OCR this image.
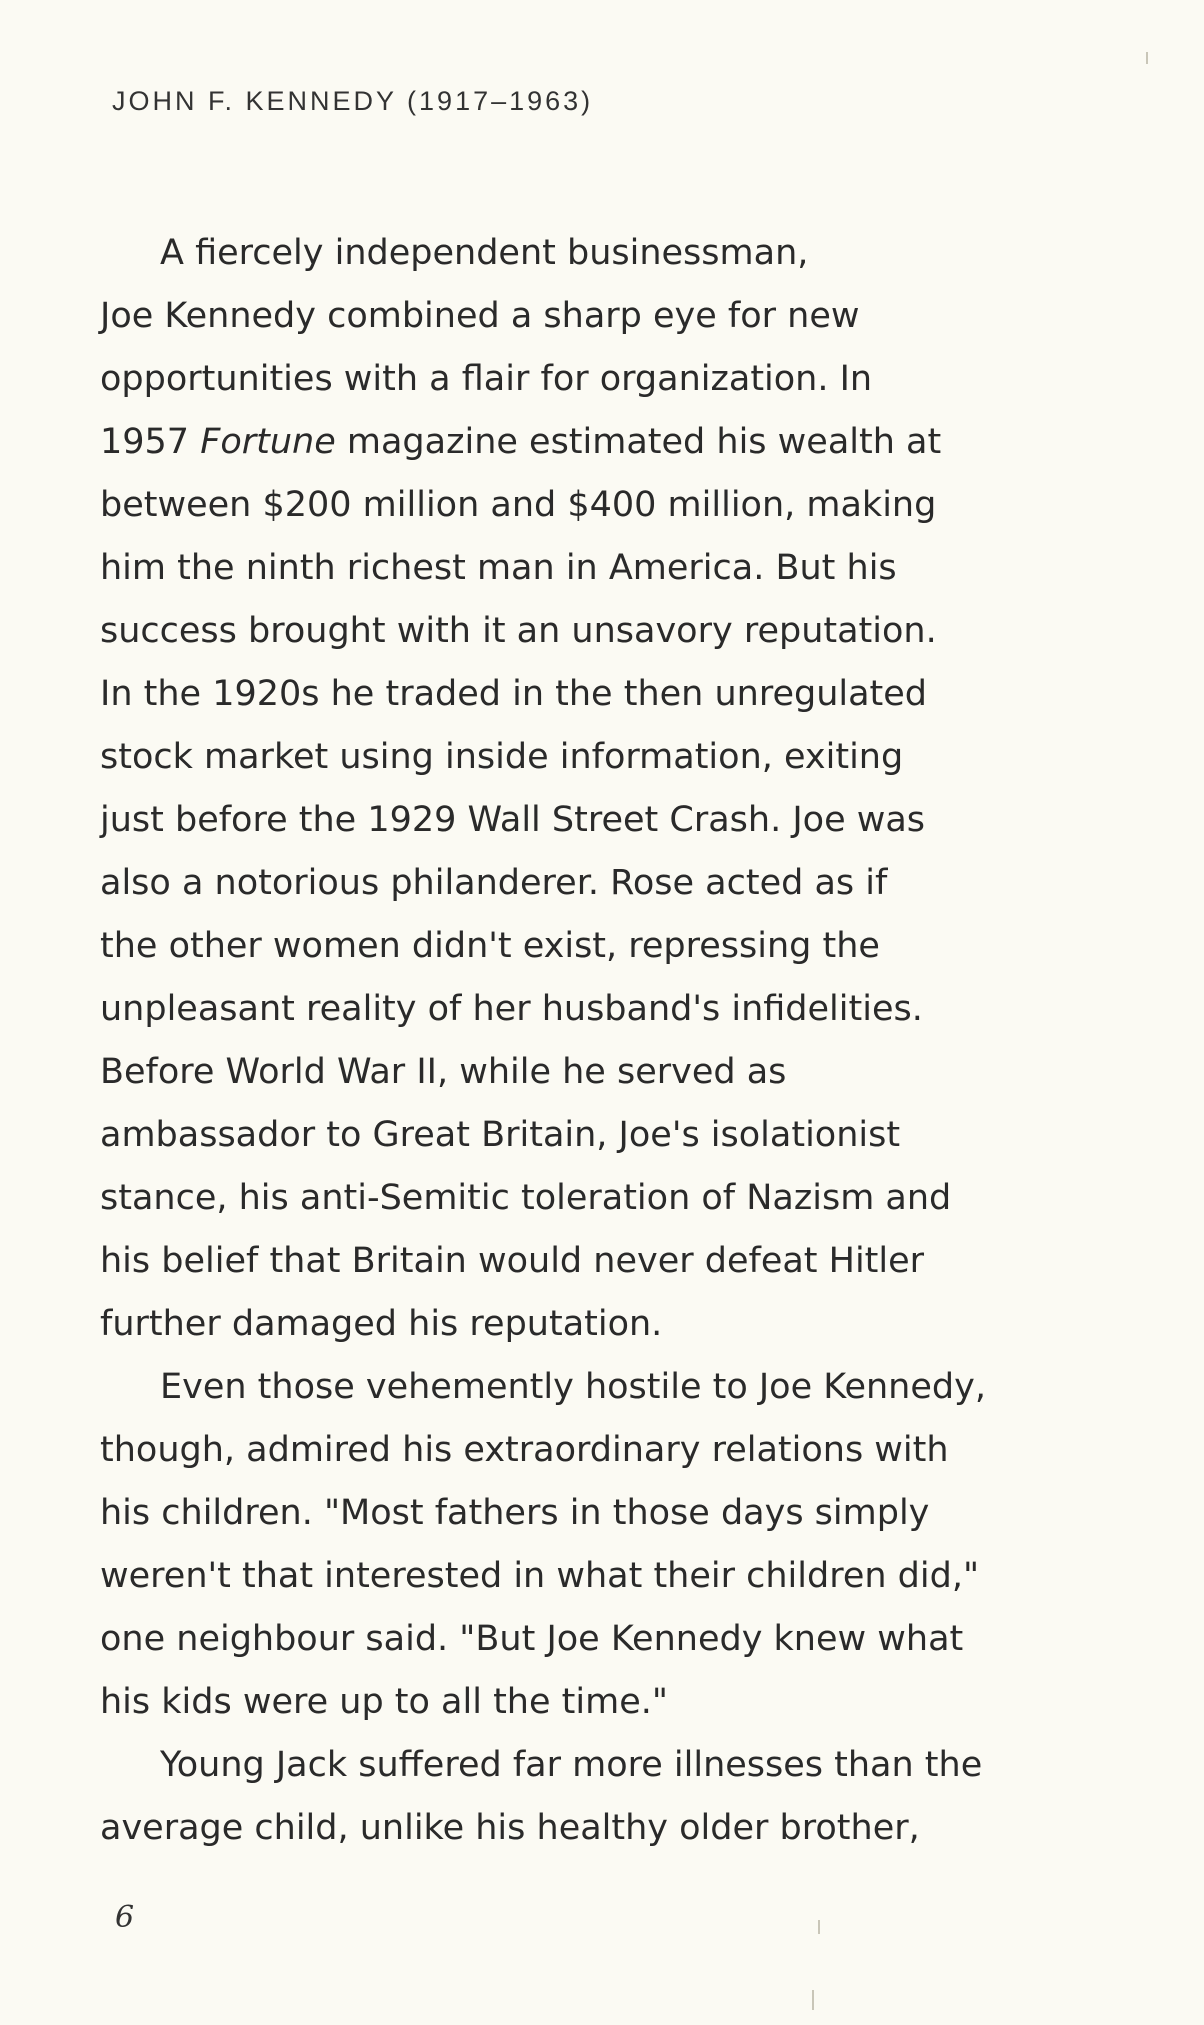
JOHN F. KENNEDY (1917–1963)
A fiercely independent businessman,
Joe Kennedy combined a sharp eye for new
opportunities with a flair for organization. In
1957 Fortune magazine estimated his wealth at
between $200 million and $400 million, making
him the ninth richest man in America. But his
success brought with it an unsavory reputation.
In the 1920s he traded in the then unregulated
stock market using inside information, exiting
just before the 1929 Wall Street Crash. Joe was
also a notorious philanderer. Rose acted as if
the other women didn't exist, repressing the
unpleasant reality of her husband's infidelities.
Before World War II, while he served as
ambassador to Great Britain, Joe's isolationist
stance, his anti-Semitic toleration of Nazism and
his belief that Britain would never defeat Hitler
further damaged his reputation.
Even those vehemently hostile to Joe Kennedy,
though, admired his extraordinary relations with
his children. "Most fathers in those days simply
weren't that interested in what their children did,"
one neighbour said. "But Joe Kennedy knew what
his kids were up to all the time."
Young Jack suffered far more illnesses than the
average child, unlike his healthy older brother,
6
